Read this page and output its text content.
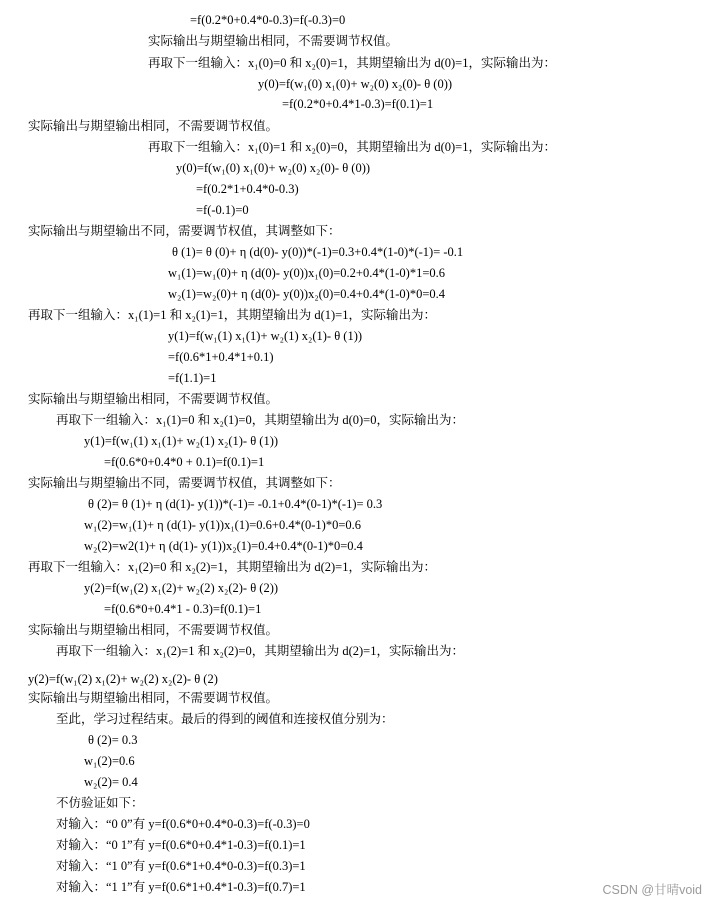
=f(0.2*0+0.4*0-0.3)=f(-0.3)=0
实际输出与期望输出相同，不需要调节权值。
再取下一组输入：x₁(0)=0 和 x₂(0)=1，其期望输出为 d(0)=1，实际输出为：
y(0)=f(w₁(0) x₁(0)+ w₂(0) x₂(0)- θ (0))
=f(0.2*0+0.4*1-0.3)=f(0.1)=1
实际输出与期望输出相同，不需要调节权值。
再取下一组输入：x₁(0)=1 和 x₂(0)=0，其期望输出为 d(0)=1，实际输出为：
y(0)=f(w₁(0) x₁(0)+ w₂(0) x₂(0)- θ (0))
=f(0.2*1+0.4*0-0.3)
=f(-0.1)=0
实际输出与期望输出不同，需要调节权值，其调整如下：
θ (1)= θ (0)+ η (d(0)- y(0))*(-1)=0.3+0.4*(1-0)*(-1)= -0.1
w₁(1)=w₁(0)+ η (d(0)- y(0))x₁(0)=0.2+0.4*(1-0)*1=0.6
w₂(1)=w₂(0)+ η (d(0)- y(0))x₂(0)=0.4+0.4*(1-0)*0=0.4
再取下一组输入：x₁(1)=1 和 x₂(1)=1，其期望输出为 d(1)=1，实际输出为：
y(1)=f(w₁(1) x₁(1)+ w₂(1) x₂(1)- θ (1))
=f(0.6*1+0.4*1+0.1)
=f(1.1)=1
实际输出与期望输出相同，不需要调节权值。
再取下一组输入：x₁(1)=0 和 x₂(1)=0，其期望输出为 d(0)=0，实际输出为：
y(1)=f(w₁(1) x₁(1)+ w₂(1) x₂(1)- θ (1))
=f(0.6*0+0.4*0 + 0.1)=f(0.1)=1
实际输出与期望输出不同，需要调节权值，其调整如下：
θ (2)= θ (1)+ η (d(1)- y(1))*(-1)= -0.1+0.4*(0-1)*(-1)= 0.3
w₁(2)=w₁(1)+ η (d(1)- y(1))x₁(1)=0.6+0.4*(0-1)*0=0.6
w₂(2)=w2(1)+ η (d(1)- y(1))x₂(1)=0.4+0.4*(0-1)*0=0.4
再取下一组输入：x₁(2)=0 和 x₂(2)=1，其期望输出为 d(2)=1，实际输出为：
y(2)=f(w₁(2) x₁(2)+ w₂(2) x₂(2)- θ (2))
=f(0.6*0+0.4*1 - 0.3)=f(0.1)=1
实际输出与期望输出相同，不需要调节权值。
再取下一组输入：x₁(2)=1 和 x₂(2)=0，其期望输出为 d(2)=1，实际输出为：
y(2)=f(w₁(2) x₁(2)+ w₂(2) x₂(2)- θ (2)
实际输出与期望输出相同，不需要调节权值。
至此，学习过程结束。最后的得到的阈值和连接权值分别为：
θ (2)= 0.3
w₁(2)=0.6
w₂(2)= 0.4
不仿验证如下：
对输入：“0 0”有 y=f(0.6*0+0.4*0-0.3)=f(-0.3)=0
对输入：“0 1”有 y=f(0.6*0+0.4*1-0.3)=f(0.1)=1
对输入：“1 0”有 y=f(0.6*1+0.4*0-0.3)=f(0.3)=1
对输入：“1 1”有 y=f(0.6*1+0.4*1-0.3)=f(0.7)=1	CSDN @甘晴void
